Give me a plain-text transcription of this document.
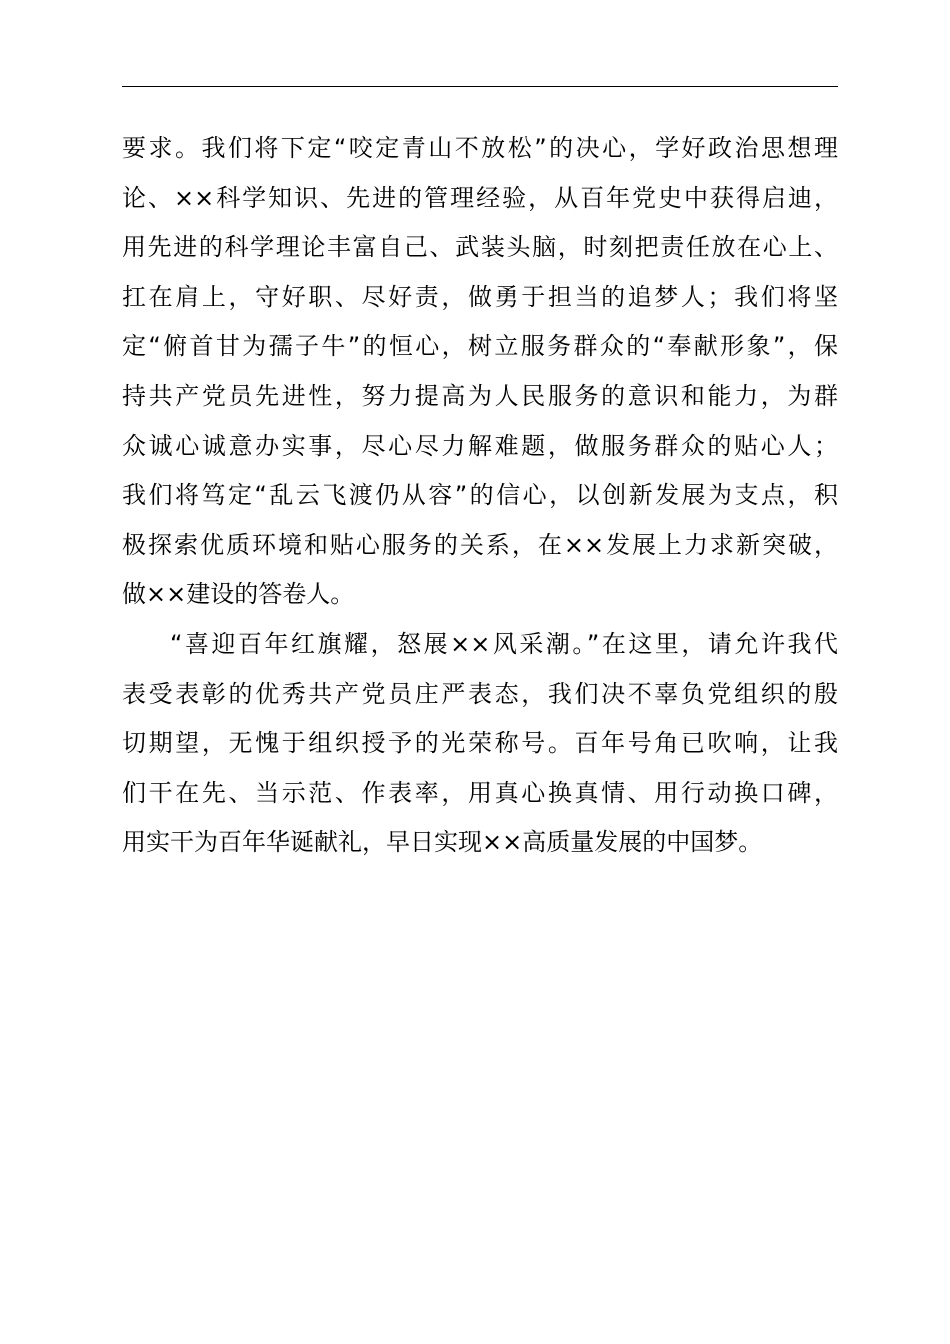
要求。我们将下定“咬定青山不放松”的决心，学好政治思想理
论、××科学知识、先进的管理经验，从百年党史中获得启迪，
用先进的科学理论丰富自己、武装头脑，时刻把责任放在心上、
扛在肩上，守好职、尽好责，做勇于担当的追梦人；我们将坚
定“俯首甘为孺子牛”的恒心，树立服务群众的“奉献形象”，保
持共产党员先进性，努力提高为人民服务的意识和能力，为群
众诚心诚意办实事，尽心尽力解难题，做服务群众的贴心人；
我们将笃定“乱云飞渡仍从容”的信心，以创新发展为支点，积
极探索优质环境和贴心服务的关系，在××发展上力求新突破，
做××建设的答卷人。
“喜迎百年红旗耀，怒展××风采潮。”在这里，请允许我代
表受表彰的优秀共产党员庄严表态，我们决不辜负党组织的殷
切期望，无愧于组织授予的光荣称号。百年号角已吹响，让我
们干在先、当示范、作表率，用真心换真情、用行动换口碑，
用实干为百年华诞献礼，早日实现××高质量发展的中国梦。
